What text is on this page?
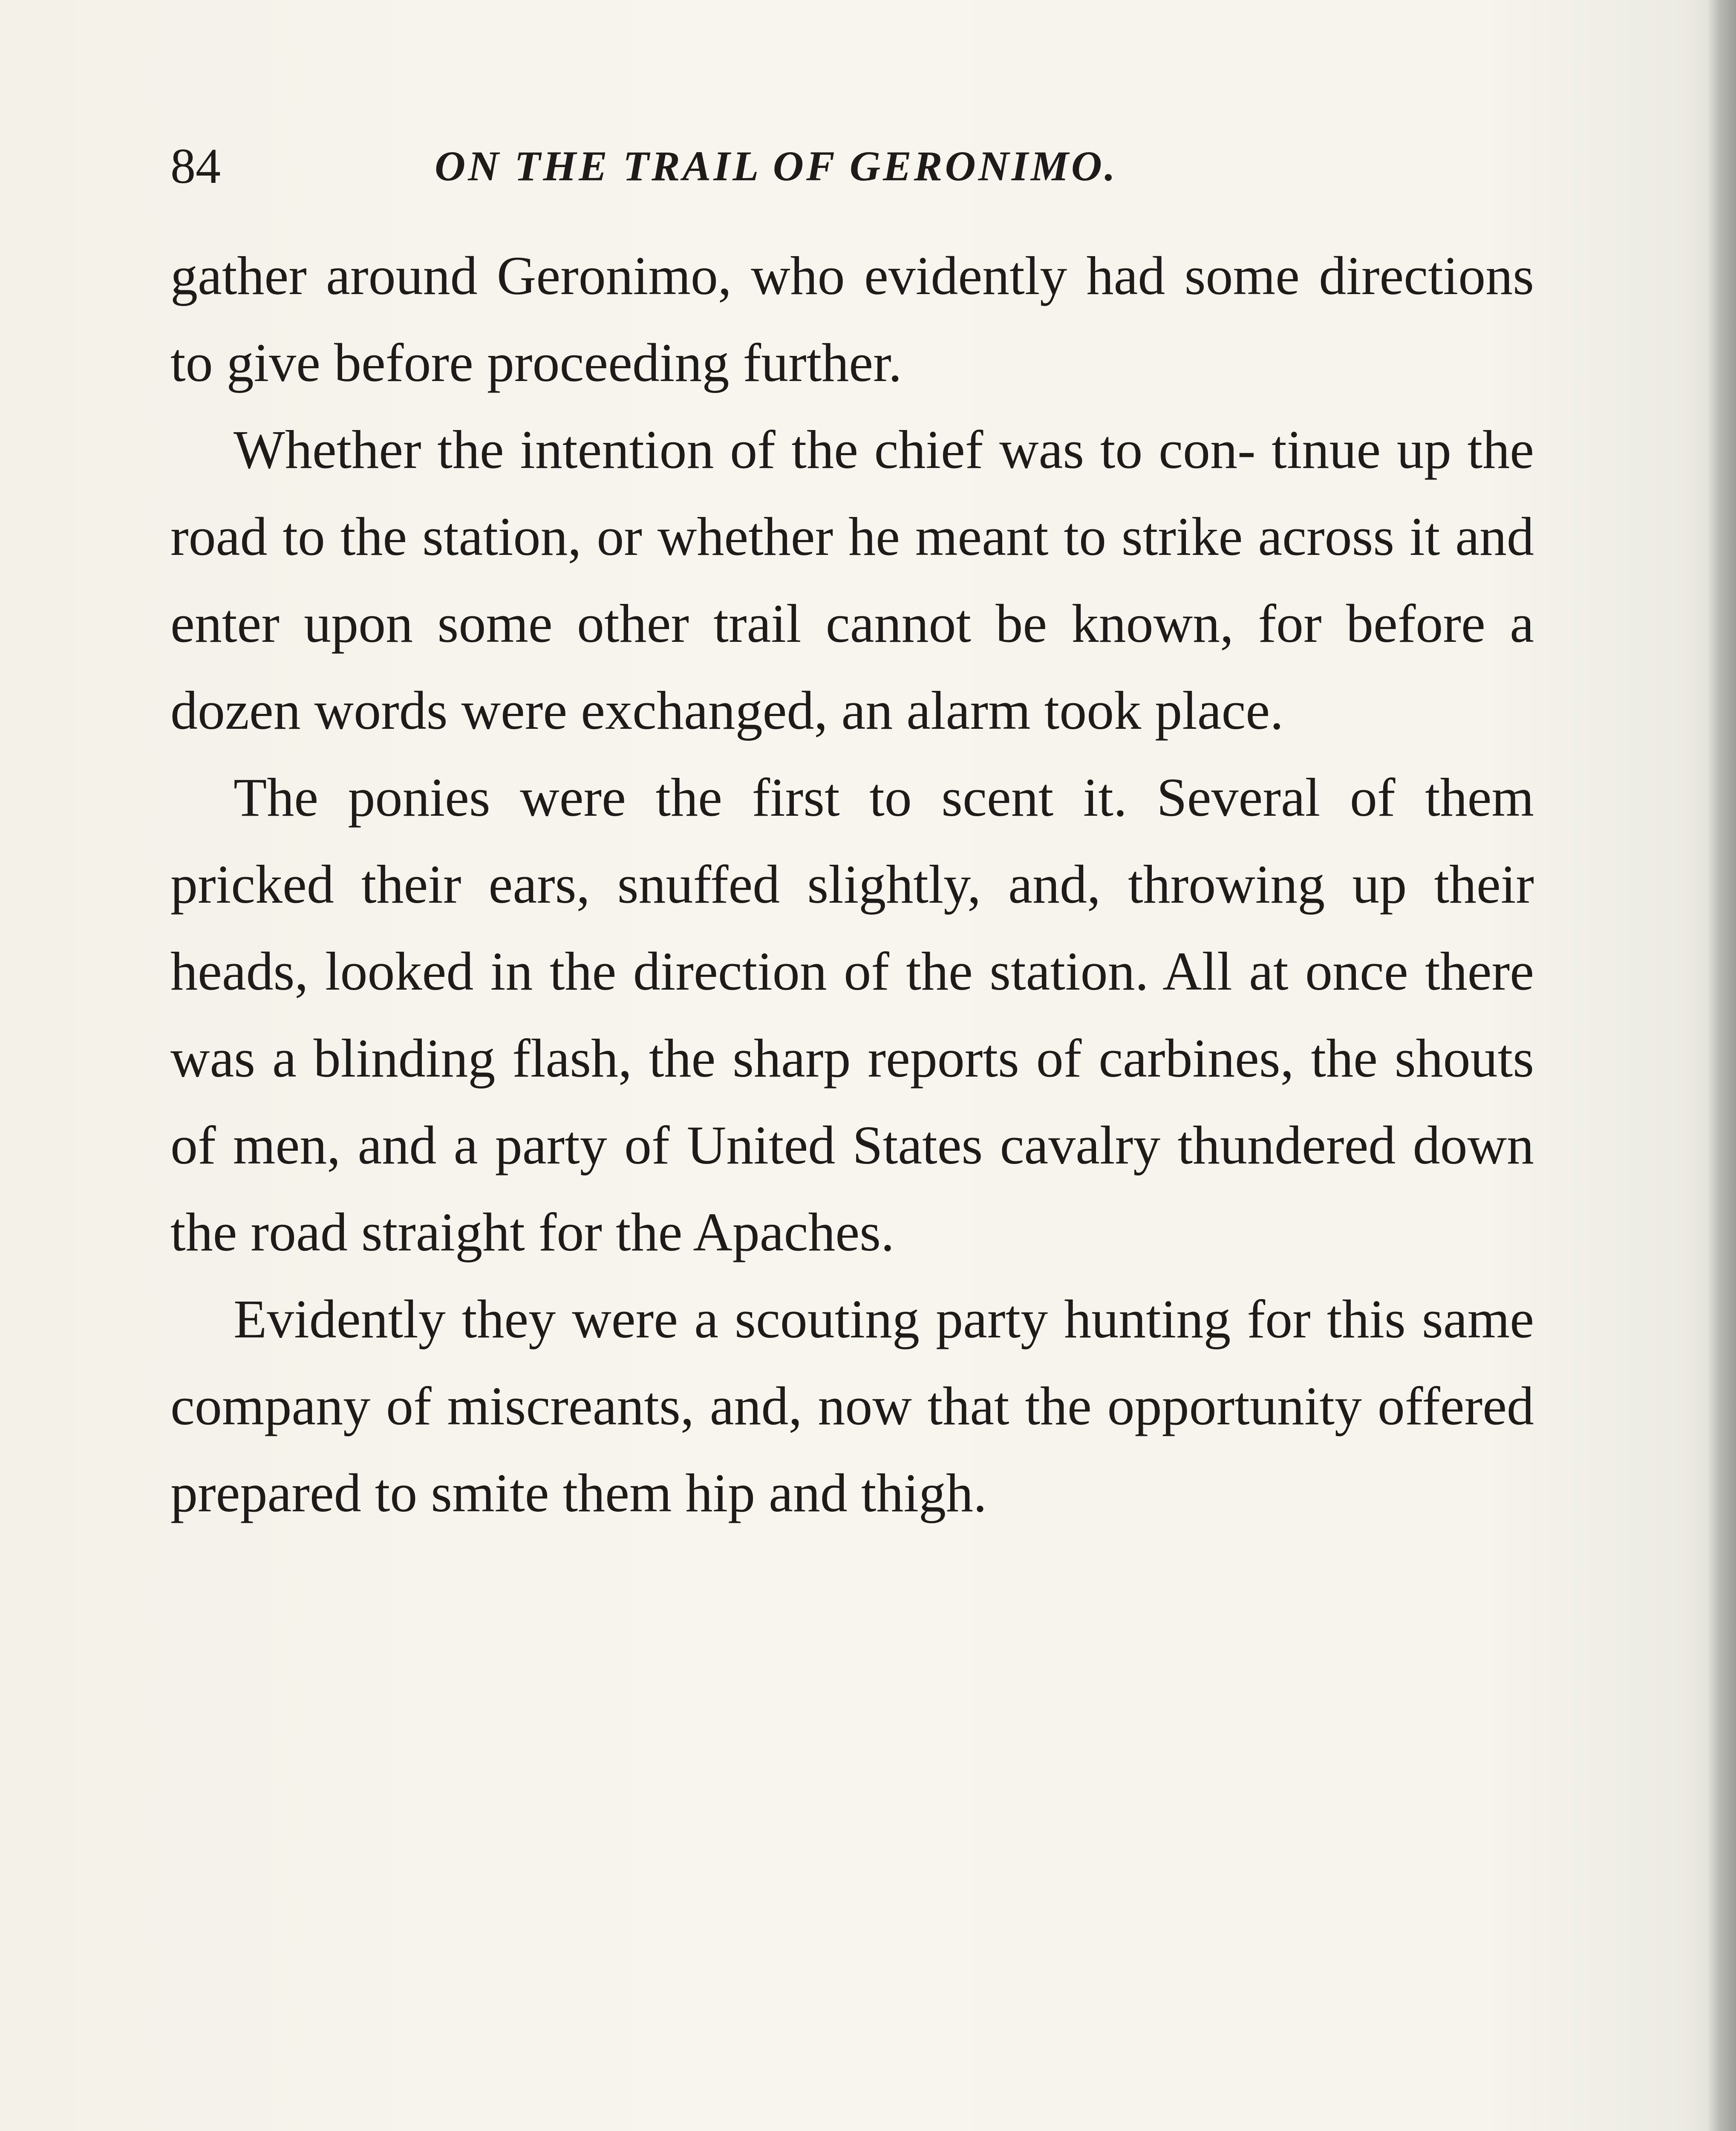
84	ON THE TRAIL OF GERONIMO.

gather around Geronimo, who evidently had some directions to give before proceeding further.

Whether the intention of the chief was to con- tinue up the road to the station, or whether he meant to strike across it and enter upon some other trail cannot be known, for before a dozen words were exchanged, an alarm took place.

The ponies were the first to scent it. Several of them pricked their ears, snuffed slightly, and, throwing up their heads, looked in the direction of the station. All at once there was a blinding flash, the sharp reports of carbines, the shouts of men, and a party of United States cavalry thundered down the road straight for the Apaches.

Evidently they were a scouting party hunting for this same company of miscreants, and, now that the opportunity offered prepared to smite them hip and thigh.
